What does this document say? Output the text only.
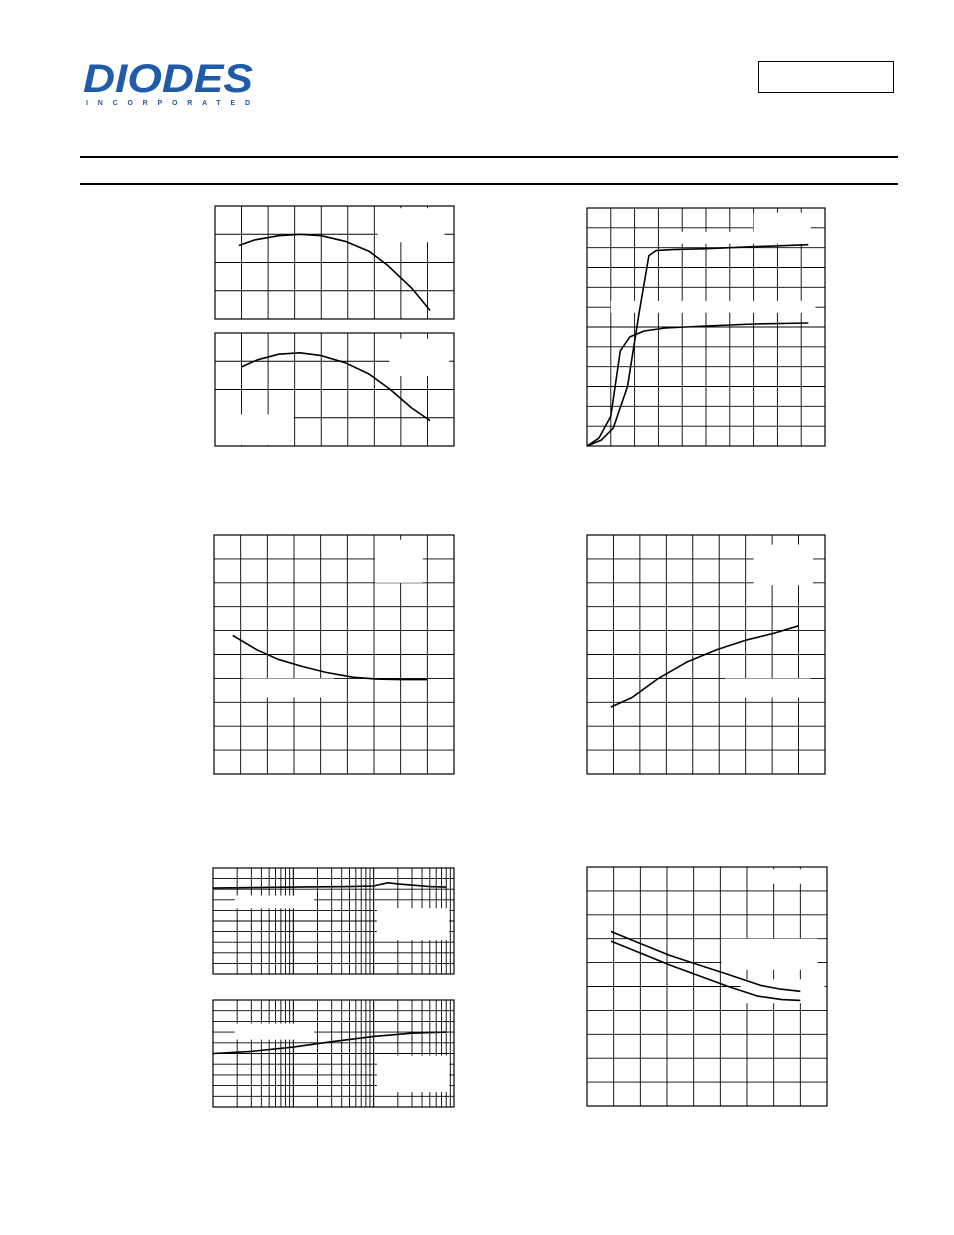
DIODES
INCORPORATED
